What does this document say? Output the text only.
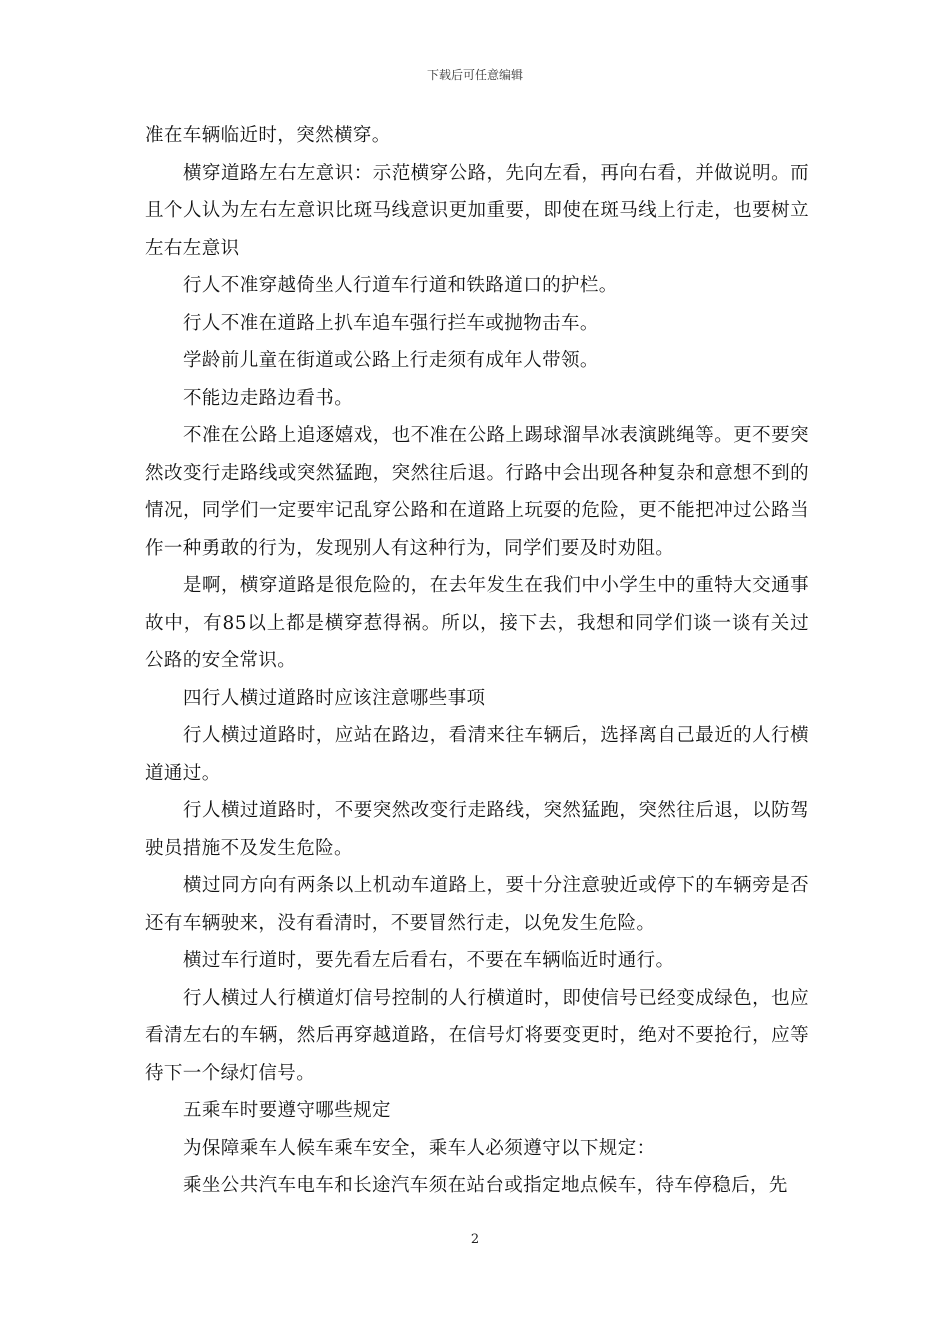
下载后可任意编辑

准在车辆临近时，突然横穿。

横穿道路左右左意识：示范横穿公路，先向左看，再向右看，并做说明。而且个人认为左右左意识比斑马线意识更加重要，即使在斑马线上行走，也要树立左右左意识

行人不准穿越倚坐人行道车行道和铁路道口的护栏。

行人不准在道路上扒车追车强行拦车或抛物击车。

学龄前儿童在街道或公路上行走须有成年人带领。

不能边走路边看书。

不准在公路上追逐嬉戏，也不准在公路上踢球溜旱冰表演跳绳等。更不要突然改变行走路线或突然猛跑，突然往后退。行路中会出现各种复杂和意想不到的情况，同学们一定要牢记乱穿公路和在道路上玩耍的危险，更不能把冲过公路当作一种勇敢的行为，发现别人有这种行为，同学们要及时劝阻。

是啊，横穿道路是很危险的，在去年发生在我们中小学生中的重特大交通事故中，有85以上都是横穿惹得祸。所以，接下去，我想和同学们谈一谈有关过公路的安全常识。

四行人横过道路时应该注意哪些事项

行人横过道路时，应站在路边，看清来往车辆后，选择离自己最近的人行横道通过。

行人横过道路时，不要突然改变行走路线，突然猛跑，突然往后退，以防驾驶员措施不及发生危险。

横过同方向有两条以上机动车道路上，要十分注意驶近或停下的车辆旁是否还有车辆驶来，没有看清时，不要冒然行走，以免发生危险。

横过车行道时，要先看左后看右，不要在车辆临近时通行。

行人横过人行横道灯信号控制的人行横道时，即使信号已经变成绿色，也应看清左右的车辆，然后再穿越道路，在信号灯将要变更时，绝对不要抢行，应等待下一个绿灯信号。

五乘车时要遵守哪些规定

为保障乘车人候车乘车安全，乘车人必须遵守以下规定：

乘坐公共汽车电车和长途汽车须在站台或指定地点候车，待车停稳后，先

2
